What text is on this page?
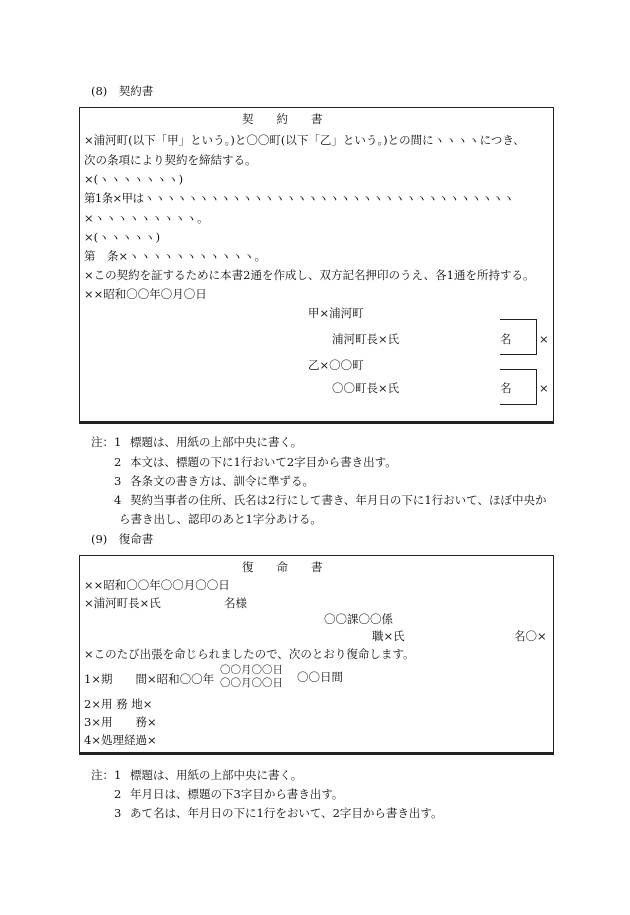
(8)　契約書
契　　約　　書
×浦河町(以下「甲」という。)と〇〇町(以下「乙」という。)との間にヽヽヽヽにつき、
次の条項により契約を締結する。
×(ヽヽヽヽヽヽヽ)
第1条×甲はヽヽヽヽヽヽヽヽヽヽヽヽヽヽヽヽヽヽヽヽヽヽヽヽヽヽヽヽヽヽヽヽヽヽ
×ヽヽヽヽヽヽヽヽヽ。
×(ヽヽヽヽヽ)
第　条×ヽヽヽヽヽヽヽヽヽヽヽ。
×この契約を証するために本書2通を作成し、双方記名押印のうえ、各1通を所持する。
××昭和〇〇年〇月〇日
甲×浦河町
浦河町長×氏	名 ×
乙×〇〇町
〇〇町長×氏	名 ×
注：1 標題は、用紙の上部中央に書く。
2 本文は、標題の下に1行おいて2字目から書き出す。
3 各条文の書き方は、訓令に準ずる。
4 契約当事者の住所、氏名は2行にして書き、年月日の下に1行おいて、ほぼ中央か
ら書き出し、認印のあと1字分あける。
(9)　復命書
復　　命　　書
××昭和〇〇年〇〇月〇〇日
×浦河町長×氏	名様
〇〇課〇〇係
職×氏	名〇×
×このたび出張を命じられましたので、次のとおり復命します。
1×期　　間×昭和〇〇年
〇〇月〇〇日
〇〇月〇〇日 〇〇日間
2×用 務 地×
3×用　　務×
4×処理経過×
注：1 標題は、用紙の上部中央に書く。
2 年月日は、標題の下3字目から書き出す。
3 あて名は、年月日の下に1行をおいて、2字目から書き出す。
